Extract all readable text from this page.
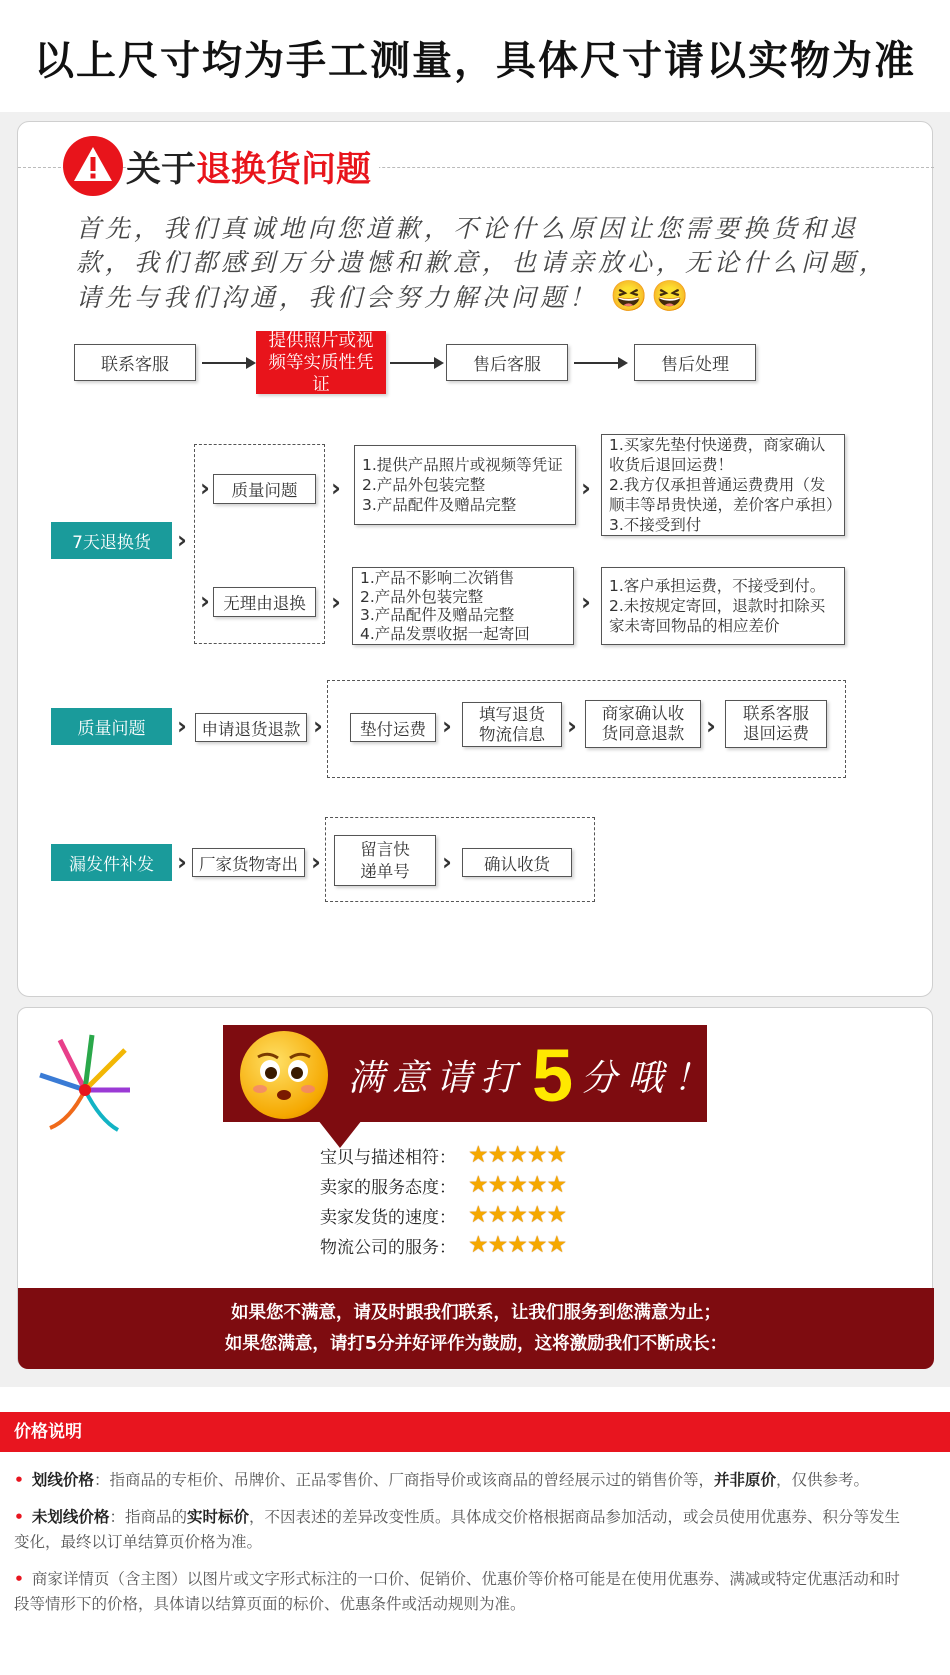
以上尺寸均为手工测量，具体尺寸请以实物为准
关于退换货问题
首先，我们真诚地向您道歉，不论什么原因让您需要换货和退款，我们都感到万分遗憾和歉意，也请亲放心，无论什么问题，请先与我们沟通，我们会努力解决问题！ 😆😆
联系客服
提供照片或视频等实质性凭证
售后客服	售后处理
7天退换货	›
›	质量问题
› 无理由退换
›
1.提供产品照片或视频等凭证
2.产品外包装完整
3.产品配件及赠品完整
›
1.买家先垫付快递费，商家确认收货后退回运费！
2.我方仅承担普通运费费用（发顺丰等昂贵快递，差价客户承担）
3.不接受到付
›
1.产品不影响二次销售
2.产品外包装完整
3.产品配件及赠品完整
4.产品发票收据一起寄回
›
1.客户承担运费，不接受到付。
2.未按规定寄回，退款时扣除买家未寄回物品的相应差价
质量问题	› 申请退货退款 ›	垫付运费 ›	填写退货物流信息 ›	商家确认收货同意退款 ›	联系客服退回运费
漏发件补发 › 厂家货物寄出 ›	留言快递单号	›	确认收货
满意请打 5 分哦！
宝贝与描述相符： ★★★★★
卖家的服务态度： ★★★★★
卖家发货的速度： ★★★★★
物流公司的服务： ★★★★★
如果您不满意，请及时跟我们联系，让我们服务到您满意为止；
如果您满意，请打5分并好评作为鼓励，这将激励我们不断成长：
价格说明
• 划线价格：指商品的专柜价、吊牌价、正品零售价、厂商指导价或该商品的曾经展示过的销售价等，并非原价，仅供参考。
• 未划线价格：指商品的实时标价，不因表述的差异改变性质。具体成交价格根据商品参加活动，或会员使用优惠券、积分等发生变化，最终以订单结算页价格为准。
• 商家详情页（含主图）以图片或文字形式标注的一口价、促销价、优惠价等价格可能是在使用优惠券、满减或特定优惠活动和时段等情形下的价格，具体请以结算页面的标价、优惠条件或活动规则为准。
